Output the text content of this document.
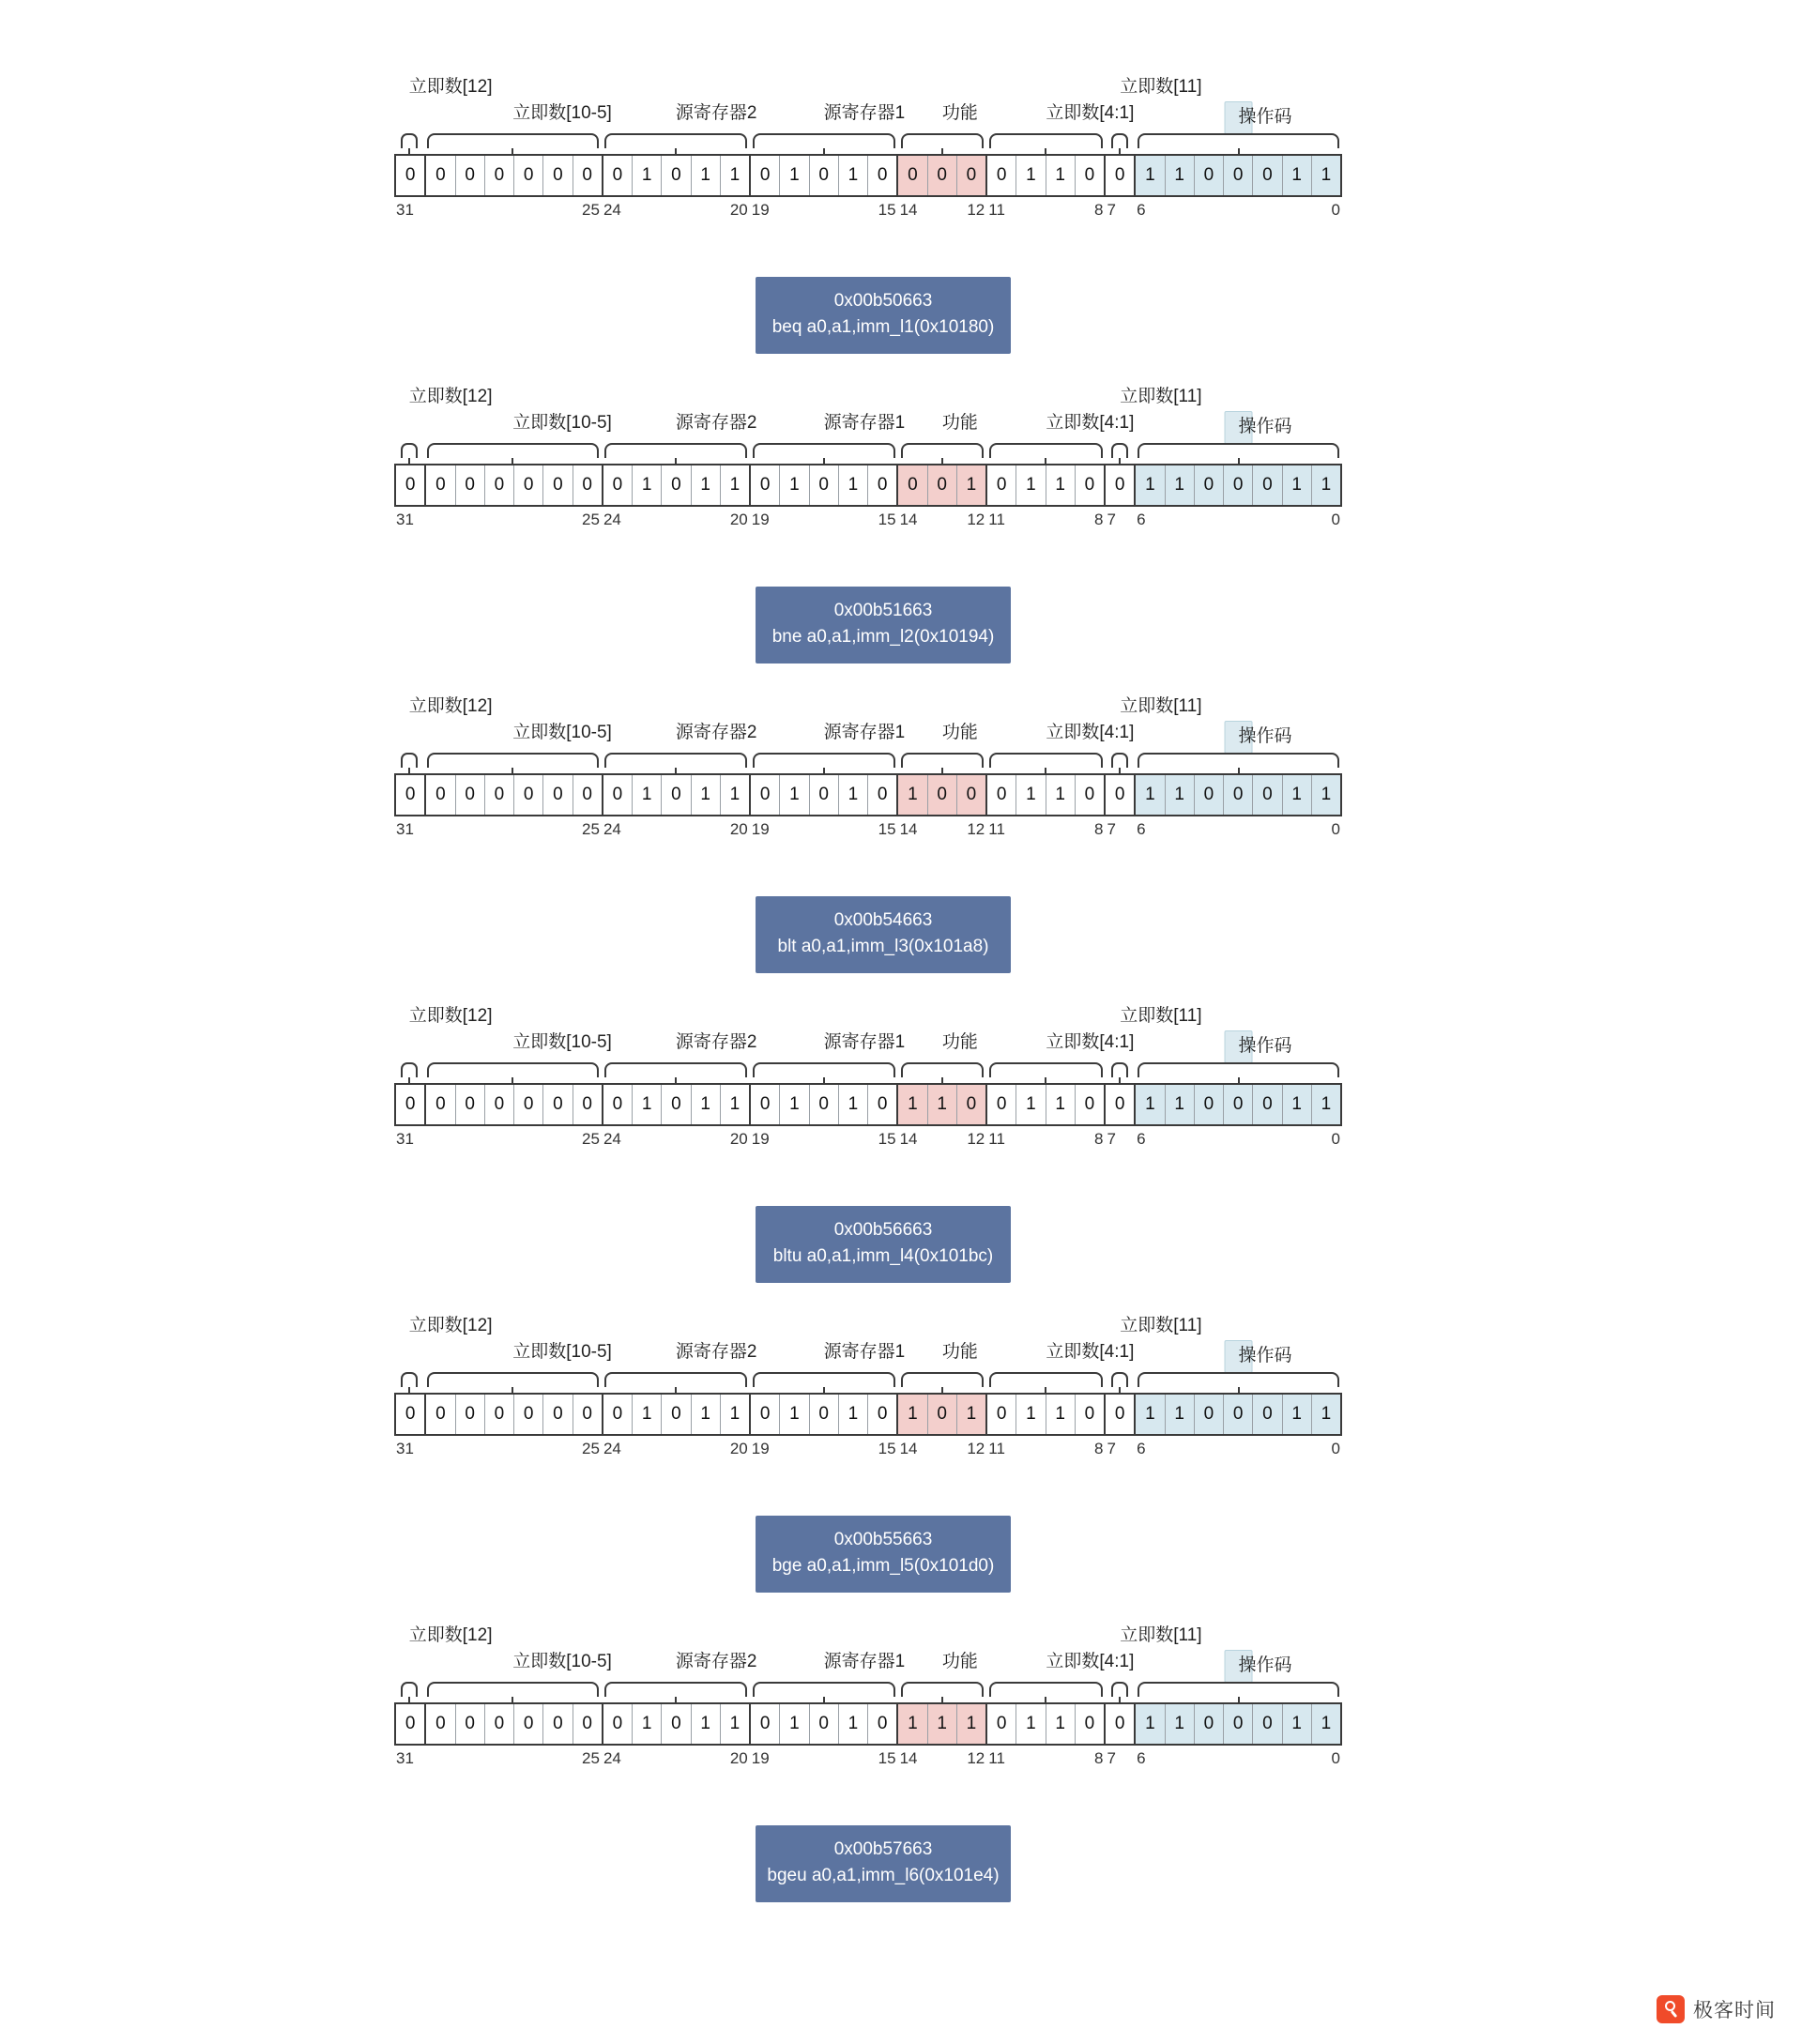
立即数[12]
立即数[10-5]	源寄存器2	源寄存器1 功能	立即数[4:1]
立即数[11]
操作码
0	0	0	0	0	0	0	0	1	0	1	1	0	1	0	1	0	0	0	0	0	1	1	0	0	1	1	0	0	0	1	1
31	25 24	20 19	15 14	12 11	8 7 6	0
0x00b50663
beq a0,a1,imm_l1(0x10180)
立即数[12]
立即数[10-5]	源寄存器2	源寄存器1 功能	立即数[4:1]
立即数[11]
操作码
0	0	0	0	0	0	0	0	1	0	1	1	0	1	0	1	0	0	0	1	0	1	1	0	0	1	1	0	0	0	1	1
31	25 24	20 19	15 14	12 11	8 7 6	0
0x00b51663
bne a0,a1,imm_l2(0x10194)
立即数[12]
立即数[10-5]	源寄存器2	源寄存器1 功能	立即数[4:1]
立即数[11]
操作码
0	0	0	0	0	0	0	0	1	0	1	1	0	1	0	1	0	1	0	0	0	1	1	0	0	1	1	0	0	0	1	1
31	25 24	20 19	15 14	12 11	8 7 6	0
0x00b54663
blt a0,a1,imm_l3(0x101a8)
立即数[12]
立即数[10-5]	源寄存器2	源寄存器1 功能	立即数[4:1]
立即数[11]
操作码
0	0	0	0	0	0	0	0	1	0	1	1	0	1	0	1	0	1	1	0	0	1	1	0	0	1	1	0	0	0	1	1
31	25 24	20 19	15 14	12 11	8 7 6	0
0x00b56663
bltu a0,a1,imm_l4(0x101bc)
立即数[12]
立即数[10-5]	源寄存器2	源寄存器1 功能	立即数[4:1]
立即数[11]
操作码
0	0	0	0	0	0	0	0	1	0	1	1	0	1	0	1	0	1	0	1	0	1	1	0	0	1	1	0	0	0	1	1
31	25 24	20 19	15 14	12 11	8 7 6	0
0x00b55663
bge a0,a1,imm_l5(0x101d0)
立即数[12]
立即数[10-5]	源寄存器2	源寄存器1 功能	立即数[4:1]
立即数[11]
操作码
0	0	0	0	0	0	0	0	1	0	1	1	0	1	0	1	0	1	1	1	0	1	1	0	0	1	1	0	0	0	1	1
31	25 24	20 19	15 14	12 11	8 7 6	0
0x00b57663
bgeu a0,a1,imm_l6(0x101e4)
极客时间
